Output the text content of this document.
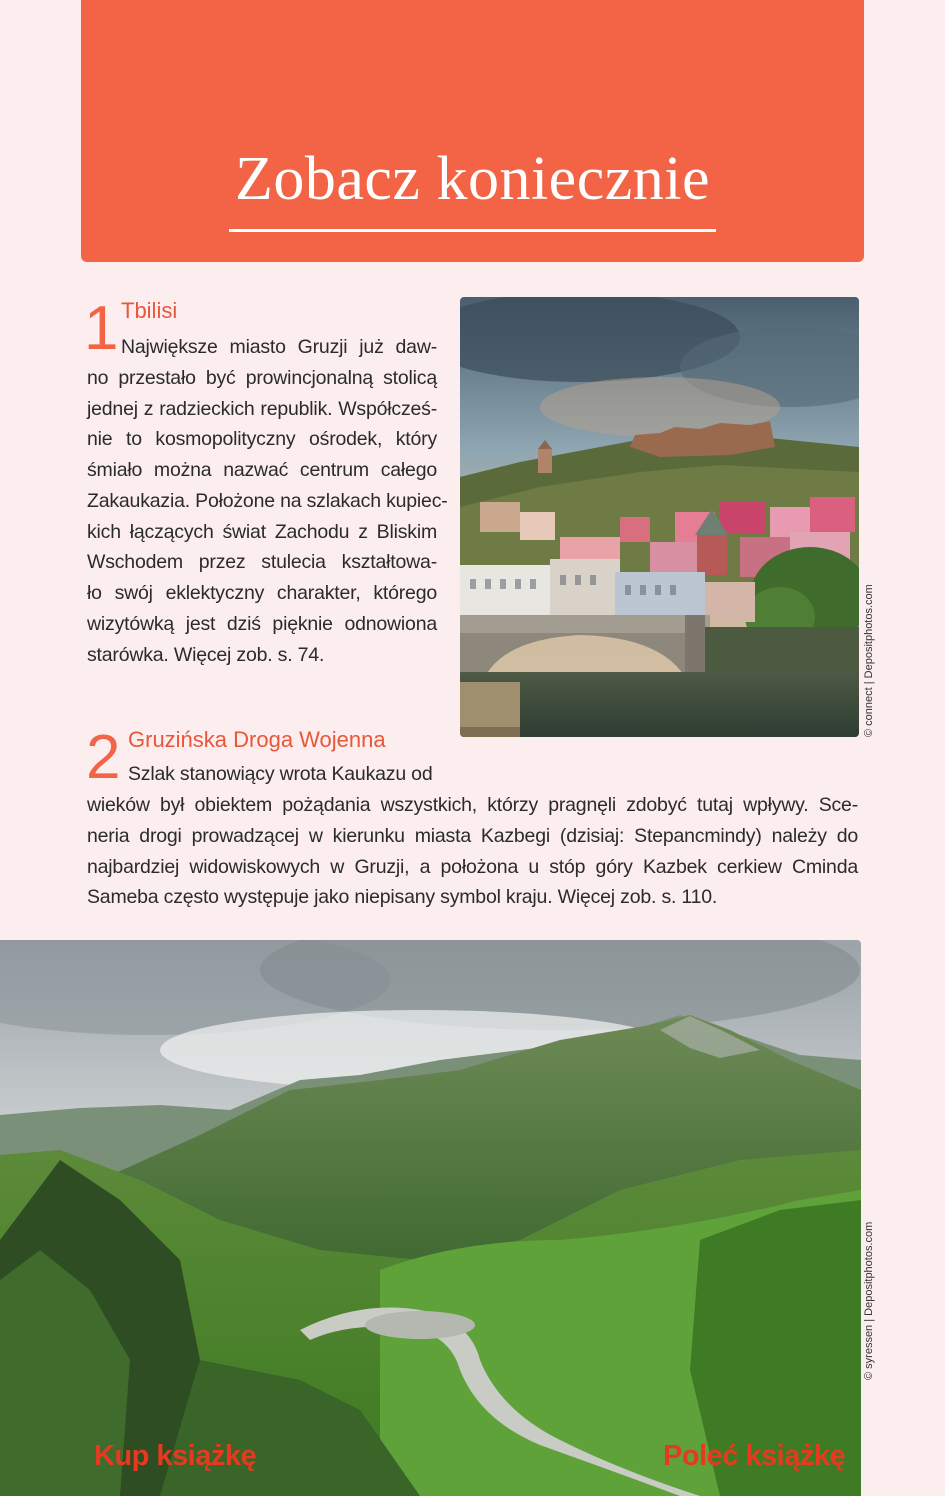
Zobacz koniecznie
1 Tbilisi
Największe miasto Gruzji już daw-
no przestało być prowincjonalną stolicą
jednej z radzieckich republik. Współcześ-
nie to kosmopolityczny ośrodek, który
śmiało można nazwać centrum całego
Zakaukazia. Położone na szlakach kupiec-
kich łączących świat Zachodu z Bliskim
Wschodem przez stulecia kształtowa-
ło swój eklektyczny charakter, którego
wizytówką jest dziś pięknie odnowiona
starówka. Więcej zob. s. 74.	© connect | Depositphotos.com
2 Gruzińska Droga Wojenna
Szlak stanowiący wrota Kaukazu od
wieków był obiektem pożądania wszystkich, którzy pragnęli zdobyć tutaj wpływy. Sce-
neria drogi prowadzącej w kierunku miasta Kazbegi (dzisiaj: Stepancmindy) należy do
najbardziej widowiskowych w Gruzji, a położona u stóp góry Kazbek cerkiew Cminda
Sameba często występuje jako niepisany symbol kraju. Więcej zob. s. 110.
© syressen | Depositphotos.com
Kup książkę	Poleć książkę
